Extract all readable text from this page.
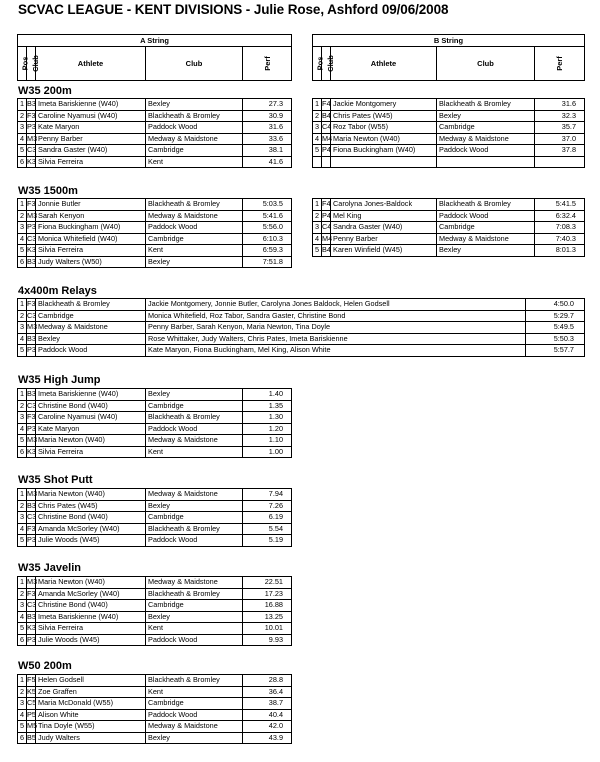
SCVAC LEAGUE - KENT DIVISIONS - Julie Rose, Ashford 09/06/2008
A String
Pos	Club	Athlete	Club	Perf
B String
Pos	Club	Athlete	Club	Perf
W35 200m
W35 1500m
4x400m Relays
W35 High Jump
W35 Shot Putt
W35 Javelin
W50 200m
1	B3	Imeta Bariskienne (W40)	Bexley	27.3
2	F3	Caroline Nyamusi (W40)	Blackheath & Bromley	30.9
3	P3	Kate Maryon	Paddock Wood	31.6
4	M3	Penny Barber	Medway & Maidstone	33.6
5	C3	Sandra Gaster (W40)	Cambridge	38.1
6	K3	Silvia Ferreira	Kent	41.6
1	F4	Jackie Montgomery	Blackheath & Bromley	31.6
2	B4	Chris Pates (W45)	Bexley	32.3
3	C4	Roz Tabor (W55)	Cambridge	35.7
4	M4	Maria Newton (W40)	Medway & Maidstone	37.0
5	P4	Fiona Buckingham (W40)	Paddock Wood	37.8

1	F3	Jonnie Butler	Blackheath & Bromley	5:03.5
2	M3	Sarah Kenyon	Medway & Maidstone	5:41.6
3	P3	Fiona Buckingham (W40)	Paddock Wood	5:56.0
4	C3	Monica Whitefield (W40)	Cambridge	6:10.3
5	K3	Silvia Ferreira	Kent	6:59.3
6	B3	Judy Walters (W50)	Bexley	7:51.8
1	F4	Carolyna Jones-Baldock	Blackheath & Bromley	5:41.5
2	P4	Mel King	Paddock Wood	6:32.4
3	C4	Sandra Gaster (W40)	Cambridge	7:08.3
4	M4	Penny Barber	Medway & Maidstone	7:40.3
5	B4	Karen Winfield (W45)	Bexley	8:01.3
1	F3	Blackheath & Bromley	Jackie Montgomery, Jonnie Butler, Carolyna Jones Baldock, Helen Godsell	4:50.0
2	C3	Cambridge	Monica Whitefield, Roz Tabor, Sandra Gaster, Christine Bond	5:29.7
3	M3	Medway & Maidstone	Penny Barber, Sarah Kenyon, Maria Newton, Tina Doyle	5:49.5
4	B3	Bexley	Rose Whittaker, Judy Walters, Chris Pates, Imeta Bariskienne	5:50.3
5	P3	Paddock Wood	Kate Maryon, Fiona Buckingham, Mel King, Alison White	5:57.7
1	B3	Imeta Bariskienne (W40)	Bexley	1.40
2	C3	Christine Bond (W40)	Cambridge	1.35
3	F3	Caroline Nyamusi (W40)	Blackheath & Bromley	1.30
4	P3	Kate Maryon	Paddock Wood	1.20
5	M3	Maria Newton (W40)	Medway & Maidstone	1.10
6	K3	Silvia Ferreira	Kent	1.00
1	M3	Maria Newton (W40)	Medway & Maidstone	7.94
2	B3	Chris Pates (W45)	Bexley	7.26
3	C3	Christine Bond (W40)	Cambridge	6.19
4	F3	Amanda McSorley (W40)	Blackheath & Bromley	5.54
5	P3	Julie Woods (W45)	Paddock Wood	5.19
1	M3	Maria Newton (W40)	Medway & Maidstone	22.51
2	F3	Amanda McSorley (W40)	Blackheath & Bromley	17.23
3	C3	Christine Bond (W40)	Cambridge	16.88
4	B3	Imeta Bariskienne (W40)	Bexley	13.25
5	K3	Silvia Ferreira	Kent	10.01
6	P3	Julie Woods (W45)	Paddock Wood	9.93
1	F5	Helen Godsell	Blackheath & Bromley	28.8
2	K5	Zoe Graffen	Kent	36.4
3	C5	Maria McDonald (W55)	Cambridge	38.7
4	P5	Alison White	Paddock Wood	40.4
5	M5	Tina Doyle (W55)	Medway & Maidstone	42.0
6	B5	Judy Walters	Bexley	43.9
